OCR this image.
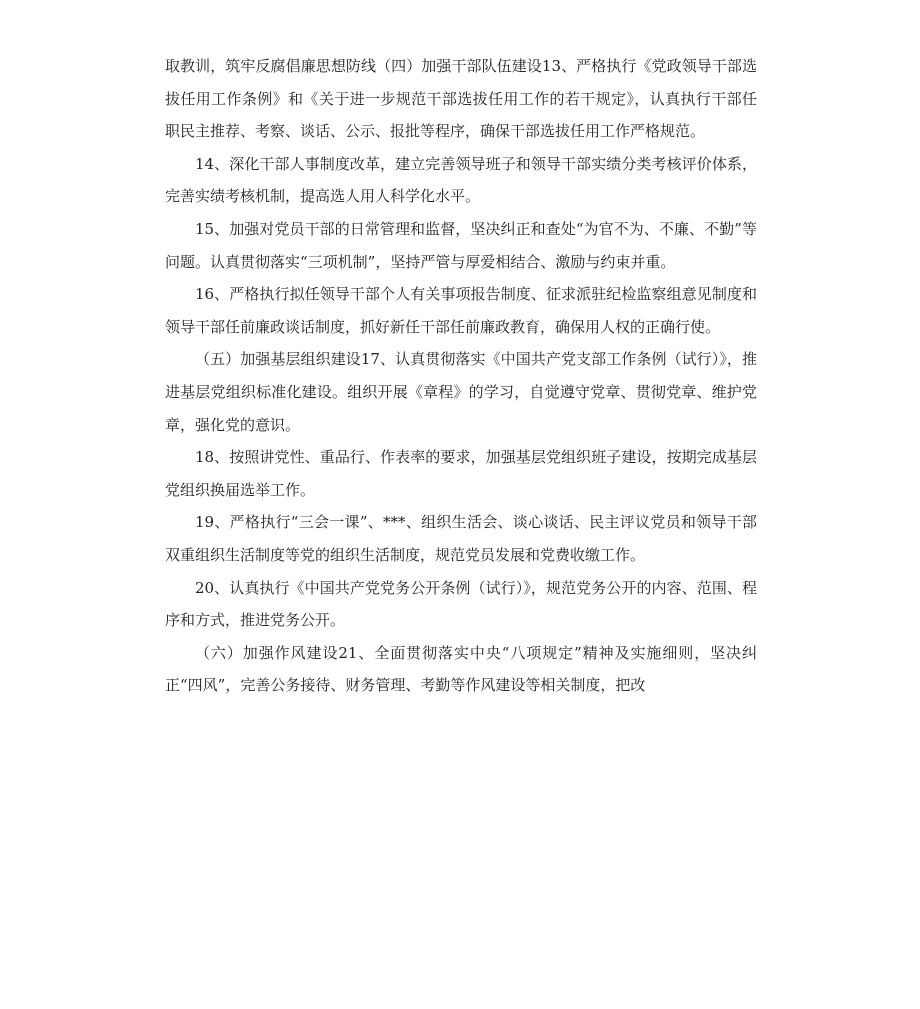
取教训，筑牢反腐倡廉思想防线（四）加强干部队伍建设13、严格执行《党政领导干部选拔任用工作条例》和《关于进一步规范干部选拔任用工作的若干规定》，认真执行干部任职民主推荐、考察、谈话、公示、报批等程序，确保干部选拔任用工作严格规范。

14、深化干部人事制度改革，建立完善领导班子和领导干部实绩分类考核评价体系，完善实绩考核机制，提高选人用人科学化水平。

15、加强对党员干部的日常管理和监督，坚决纠正和查处“为官不为、不廉、不勤”等问题。认真贯彻落实“三项机制”，坚持严管与厚爱相结合、激励与约束并重。

16、严格执行拟任领导干部个人有关事项报告制度、征求派驻纪检监察组意见制度和领导干部任前廉政谈话制度，抓好新任干部任前廉政教育，确保用人权的正确行使。

（五）加强基层组织建设17、认真贯彻落实《中国共产党支部工作条例（试行）》，推进基层党组织标准化建设。组织开展《章程》的学习，自觉遵守党章、贯彻党章、维护党章，强化党的意识。

18、按照讲党性、重品行、作表率的要求，加强基层党组织班子建设，按期完成基层党组织换届选举工作。

19、严格执行“三会一课”、***、组织生活会、谈心谈话、民主评议党员和领导干部双重组织生活制度等党的组织生活制度，规范党员发展和党费收缴工作。

20、认真执行《中国共产党党务公开条例（试行）》，规范党务公开的内容、范围、程序和方式，推进党务公开。

（六）加强作风建设21、全面贯彻落实中央“八项规定”精神及实施细则，坚决纠正“四风”，完善公务接待、财务管理、考勤等作风建设等相关制度，把改
